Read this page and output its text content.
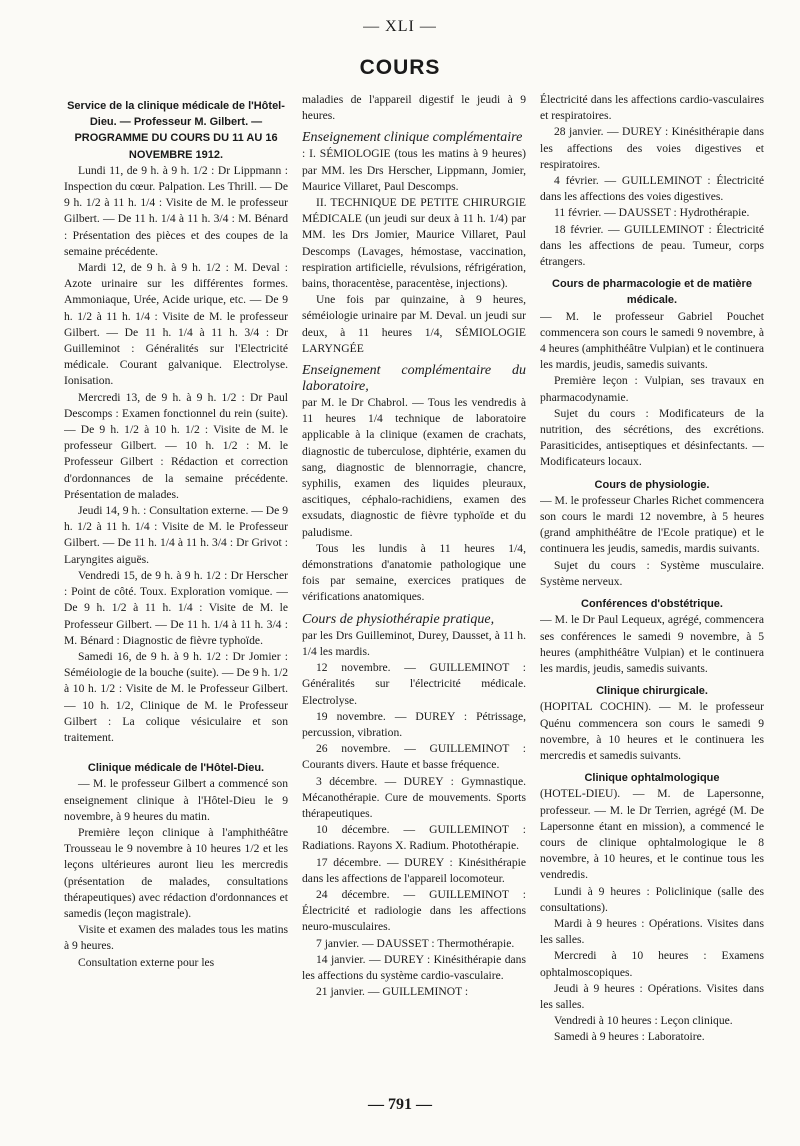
— XLI —
COURS

Service de la clinique médicale de l'Hôtel-Dieu. — Professeur M. Gilbert. — PROGRAMME DU COURS DU 11 AU 16 NOVEMBRE 1912.

Lundi 11, de 9 h. à 9 h. 1/2 : Dr Lippmann : Inspection du cœur. Palpation. Les Thrill. — De 9 h. 1/2 à 11 h. 1/4 : Visite de M. le professeur Gilbert. — De 11 h. 1/4 à 11 h. 3/4 : M. Bénard : Présentation des pièces et des coupes de la semaine précédente.

Mardi 12, de 9 h. à 9 h. 1/2 : M. Deval : Azote urinaire sur les différentes formes. Ammoniaque, Urée, Acide urique, etc. — De 9 h. 1/2 à 11 h. 1/4 : Visite de M. le professeur Gilbert. — De 11 h. 1/4 à 11 h. 3/4 : Dr Guilleminot : Généralités sur l'Electricité médicale. Courant galvanique. Electrolyse. Ionisation.

Mercredi 13, de 9 h. à 9 h. 1/2 : Dr Paul Descomps : Examen fonctionnel du rein (suite). — De 9 h. 1/2 à 10 h. 1/2 : Visite de M. le professeur Gilbert. — 10 h. 1/2 : M. le Professeur Gilbert : Rédaction et correction d'ordonnances de la semaine précédente. Présentation de malades.

Jeudi 14, 9 h. : Consultation externe. — De 9 h. 1/2 à 11 h. 1/4 : Visite de M. le Professeur Gilbert. — De 11 h. 1/4 à 11 h. 3/4 : Dr Grivot : Laryngites aiguës.

Vendredi 15, de 9 h. à 9 h. 1/2 : Dr Herscher : Point de côté. Toux. Exploration vomique. — De 9 h. 1/2 à 11 h. 1/4 : Visite de M. le Professeur Gilbert. — De 11 h. 1/4 à 11 h. 3/4 : M. Bénard : Diagnostic de fièvre typhoïde.

Samedi 16, de 9 h. à 9 h. 1/2 : Dr Jomier : Séméiologie de la bouche (suite). — De 9 h. 1/2 à 10 h. 1/2 : Visite de M. le Professeur Gilbert. — 10 h. 1/2, Clinique de M. le Professeur Gilbert : La colique vésiculaire et son traitement.

Clinique médicale de l'Hôtel-Dieu.

— M. le professeur Gilbert a commencé son enseignement clinique à l'Hôtel-Dieu le 9 novembre, à 9 heures du matin.

Première leçon clinique à l'amphithéâtre Trousseau le 9 novembre à 10 heures 1/2 et les leçons ultérieures auront lieu les mercredis (présentation de malades, consultations thérapeutiques) avec rédaction d'ordonnances et samedis (leçon magistrale).

Visite et examen des malades tous les matins à 9 heures.

Consultation externe pour les

maladies de l'appareil digestif le jeudi à 9 heures.

Enseignement clinique complémentaire

: I. SÉMIOLOGIE (tous les matins à 9 heures) par MM. les Drs Herscher, Lippmann, Jomier, Maurice Villaret, Paul Descomps.

II. TECHNIQUE DE PETITE CHIRURGIE MÉDICALE (un jeudi sur deux à 11 h. 1/4) par MM. les Drs Jomier, Maurice Villaret, Paul Descomps (Lavages, hémostase, vaccination, respiration artificielle, révulsions, réfrigération, bains, thoracentèse, paracentèse, injections).

Une fois par quinzaine, à 9 heures, séméiologie urinaire par M. Deval. un jeudi sur deux, à 11 heures 1/4, SÉMIOLOGIE LARYNGÉE

Enseignement complémentaire du laboratoire,

par M. le Dr Chabrol. — Tous les vendredis à 11 heures 1/4 technique de laboratoire applicable à la clinique (examen de crachats, diagnostic de tuberculose, diphtérie, examen du sang, diagnostic de blennorragie, chancre, syphilis, examen des liquides pleuraux, ascitiques, céphalo-rachidiens, examen des exsudats, diagnostic de fièvre typhoïde et du paludisme.

Tous les lundis à 11 heures 1/4, démonstrations d'anatomie pathologique une fois par semaine, exercices pratiques de vérifications anatomiques.

Cours de physiothérapie pratique,

par les Drs Guilleminot, Durey, Dausset, à 11 h. 1/4 les mardis.

12 novembre. — GUILLEMINOT : Généralités sur l'électricité médicale. Electrolyse.

19 novembre. — DUREY : Pétrissage, percussion, vibration.

26 novembre. — GUILLEMINOT : Courants divers. Haute et basse fréquence.

3 décembre. — DUREY : Gymnastique. Mécanothérapie. Cure de mouvements. Sports thérapeutiques.

10 décembre. — GUILLEMINOT : Radiations. Rayons X. Radium. Photothérapie.

17 décembre. — DUREY : Kinésithérapie dans les affections de l'appareil locomoteur.

24 décembre. — GUILLEMINOT : Électricité et radiologie dans les affections neuro-musculaires.

7 janvier. — DAUSSET : Thermothérapie.

14 janvier. — DUREY : Kinésithérapie dans les affections du système cardio-vasculaire.

21 janvier. — GUILLEMINOT :

Électricité dans les affections cardio-vasculaires et respiratoires.

28 janvier. — DUREY : Kinésithérapie dans les affections des voies digestives et respiratoires.

4 février. — GUILLEMINOT : Électricité dans les affections des voies digestives.

11 février. — DAUSSET : Hydrothérapie.

18 février. — GUILLEMINOT : Électricité dans les affections de peau. Tumeur, corps étrangers.

Cours de pharmacologie et de matière médicale.

— M. le professeur Gabriel Pouchet commencera son cours le samedi 9 novembre, à 4 heures (amphithéâtre Vulpian) et le continuera les mardis, jeudis, samedis suivants.

Première leçon : Vulpian, ses travaux en pharmacodynamie.

Sujet du cours : Modificateurs de la nutrition, des sécrétions, des excrétions. Parasiticides, antiseptiques et désinfectants. — Modificateurs locaux.

Cours de physiologie.

— M. le professeur Charles Richet commencera son cours le mardi 12 novembre, à 5 heures (grand amphithéâtre de l'Ecole pratique) et le continuera les jeudis, samedis, mardis suivants.

Sujet du cours : Système musculaire. Système nerveux.

Conférences d'obstétrique.

— M. le Dr Paul Lequeux, agrégé, commencera ses conférences le samedi 9 novembre, à 5 heures (amphithéâtre Vulpian) et le continuera les mardis, jeudis, samedis suivants.

Clinique chirurgicale.

(HOPITAL COCHIN). — M. le professeur Quénu commencera son cours le samedi 9 novembre, à 10 heures et le continuera les mercredis et samedis suivants.

Clinique ophtalmologique

(HOTEL-DIEU). — M. de Lapersonne, professeur. — M. le Dr Terrien, agrégé (M. De Lapersonne étant en mission), a commencé le cours de clinique ophtalmologique le 8 novembre, à 10 heures, et le continue tous les vendredis.

Lundi à 9 heures : Policlinique (salle des consultations).

Mardi à 9 heures : Opérations. Visites dans les salles.

Mercredi à 10 heures : Examens ophtalmoscopiques.

Jeudi à 9 heures : Opérations. Visites dans les salles.

Vendredi à 10 heures : Leçon clinique.

Samedi à 9 heures : Laboratoire.

— 791 —
